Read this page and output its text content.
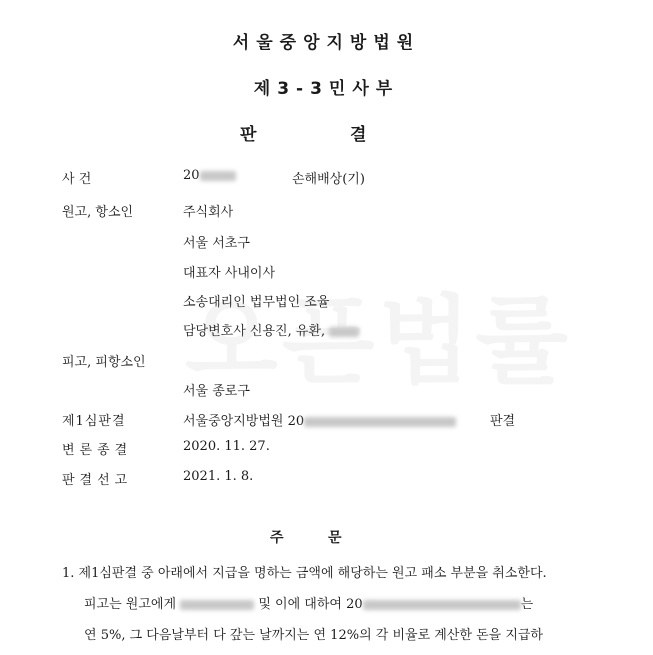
서울중앙지방법원
제3-3민사부
판	결
사 건	20	손해배상(기)
원고, 항소인	주식회사
서울 서초구
대표자 사내이사
소송대리인 법무법인 조율
담당변호사 신용진, 유환,
피고, 피항소인
서울 종로구
제1심판결	서울중앙지방법원 20	판결
변론종결	2020. 11. 27.
판결선고	2021. 1. 8.
주	문
1. 제1심판결 중 아래에서 지급을 명하는 금액에 해당하는 원고 패소 부분을 취소한다.
피고는 원고에게	및 이에 대하여 20	는
연 5%, 그 다음날부터 다 갚는 날까지는 연 12%의 각 비율로 계산한 돈을 지급하
